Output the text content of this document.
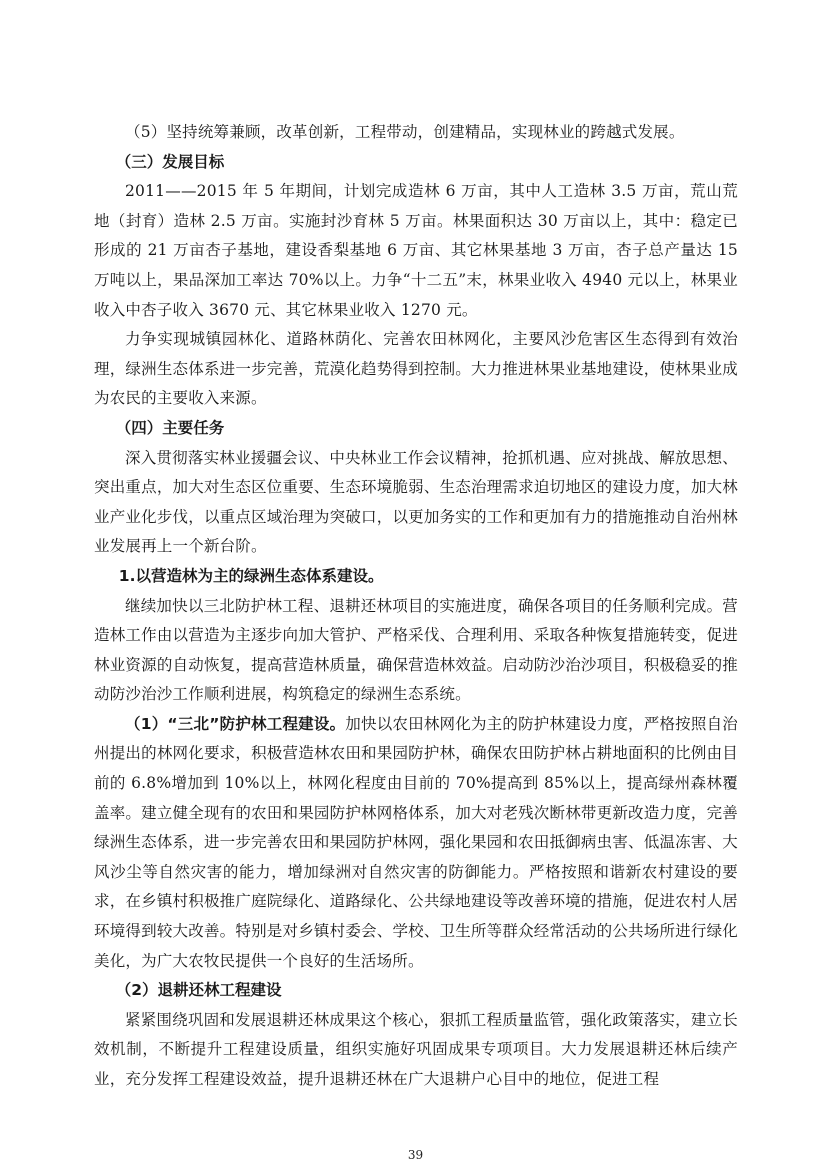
（5）坚持统筹兼顾，改革创新，工程带动，创建精品，实现林业的跨越式发展。

（三）发展目标

2011——2015 年 5 年期间，计划完成造林 6 万亩，其中人工造林 3.5 万亩，荒山荒地（封育）造林 2.5 万亩。实施封沙育林 5 万亩。林果面积达 30 万亩以上，其中：稳定已形成的 21 万亩杏子基地，建设香梨基地 6 万亩、其它林果基地 3 万亩，杏子总产量达 15 万吨以上，果品深加工率达 70%以上。力争“十二五”末，林果业收入 4940 元以上，林果业收入中杏子收入 3670 元、其它林果业收入 1270 元。

力争实现城镇园林化、道路林荫化、完善农田林网化，主要风沙危害区生态得到有效治理，绿洲生态体系进一步完善，荒漠化趋势得到控制。大力推进林果业基地建设，使林果业成为农民的主要收入来源。

（四）主要任务

深入贯彻落实林业援疆会议、中央林业工作会议精神，抢抓机遇、应对挑战、解放思想、突出重点，加大对生态区位重要、生态环境脆弱、生态治理需求迫切地区的建设力度，加大林业产业化步伐，以重点区域治理为突破口，以更加务实的工作和更加有力的措施推动自治州林业发展再上一个新台阶。

1.以营造林为主的绿洲生态体系建设。

继续加快以三北防护林工程、退耕还林项目的实施进度，确保各项目的任务顺利完成。营造林工作由以营造为主逐步向加大管护、严格采伐、合理利用、采取各种恢复措施转变，促进林业资源的自动恢复，提高营造林质量，确保营造林效益。启动防沙治沙项目，积极稳妥的推动防沙治沙工作顺利进展，构筑稳定的绿洲生态系统。

（1）“三北”防护林工程建设。加快以农田林网化为主的防护林建设力度，严格按照自治州提出的林网化要求，积极营造林农田和果园防护林，确保农田防护林占耕地面积的比例由目前的 6.8%增加到 10%以上，林网化程度由目前的 70%提高到 85%以上，提高绿州森林覆盖率。建立健全现有的农田和果园防护林网格体系，加大对老残次断林带更新改造力度，完善绿洲生态体系，进一步完善农田和果园防护林网，强化果园和农田抵御病虫害、低温冻害、大风沙尘等自然灾害的能力，增加绿洲对自然灾害的防御能力。严格按照和谐新农村建设的要求，在乡镇村积极推广庭院绿化、道路绿化、公共绿地建设等改善环境的措施，促进农村人居环境得到较大改善。特别是对乡镇村委会、学校、卫生所等群众经常活动的公共场所进行绿化美化，为广大农牧民提供一个良好的生活场所。

（2）退耕还林工程建设

紧紧围绕巩固和发展退耕还林成果这个核心，狠抓工程质量监管，强化政策落实，建立长效机制，不断提升工程建设质量，组织实施好巩固成果专项项目。大力发展退耕还林后续产业，充分发挥工程建设效益，提升退耕还林在广大退耕户心目中的地位，促进工程

39
